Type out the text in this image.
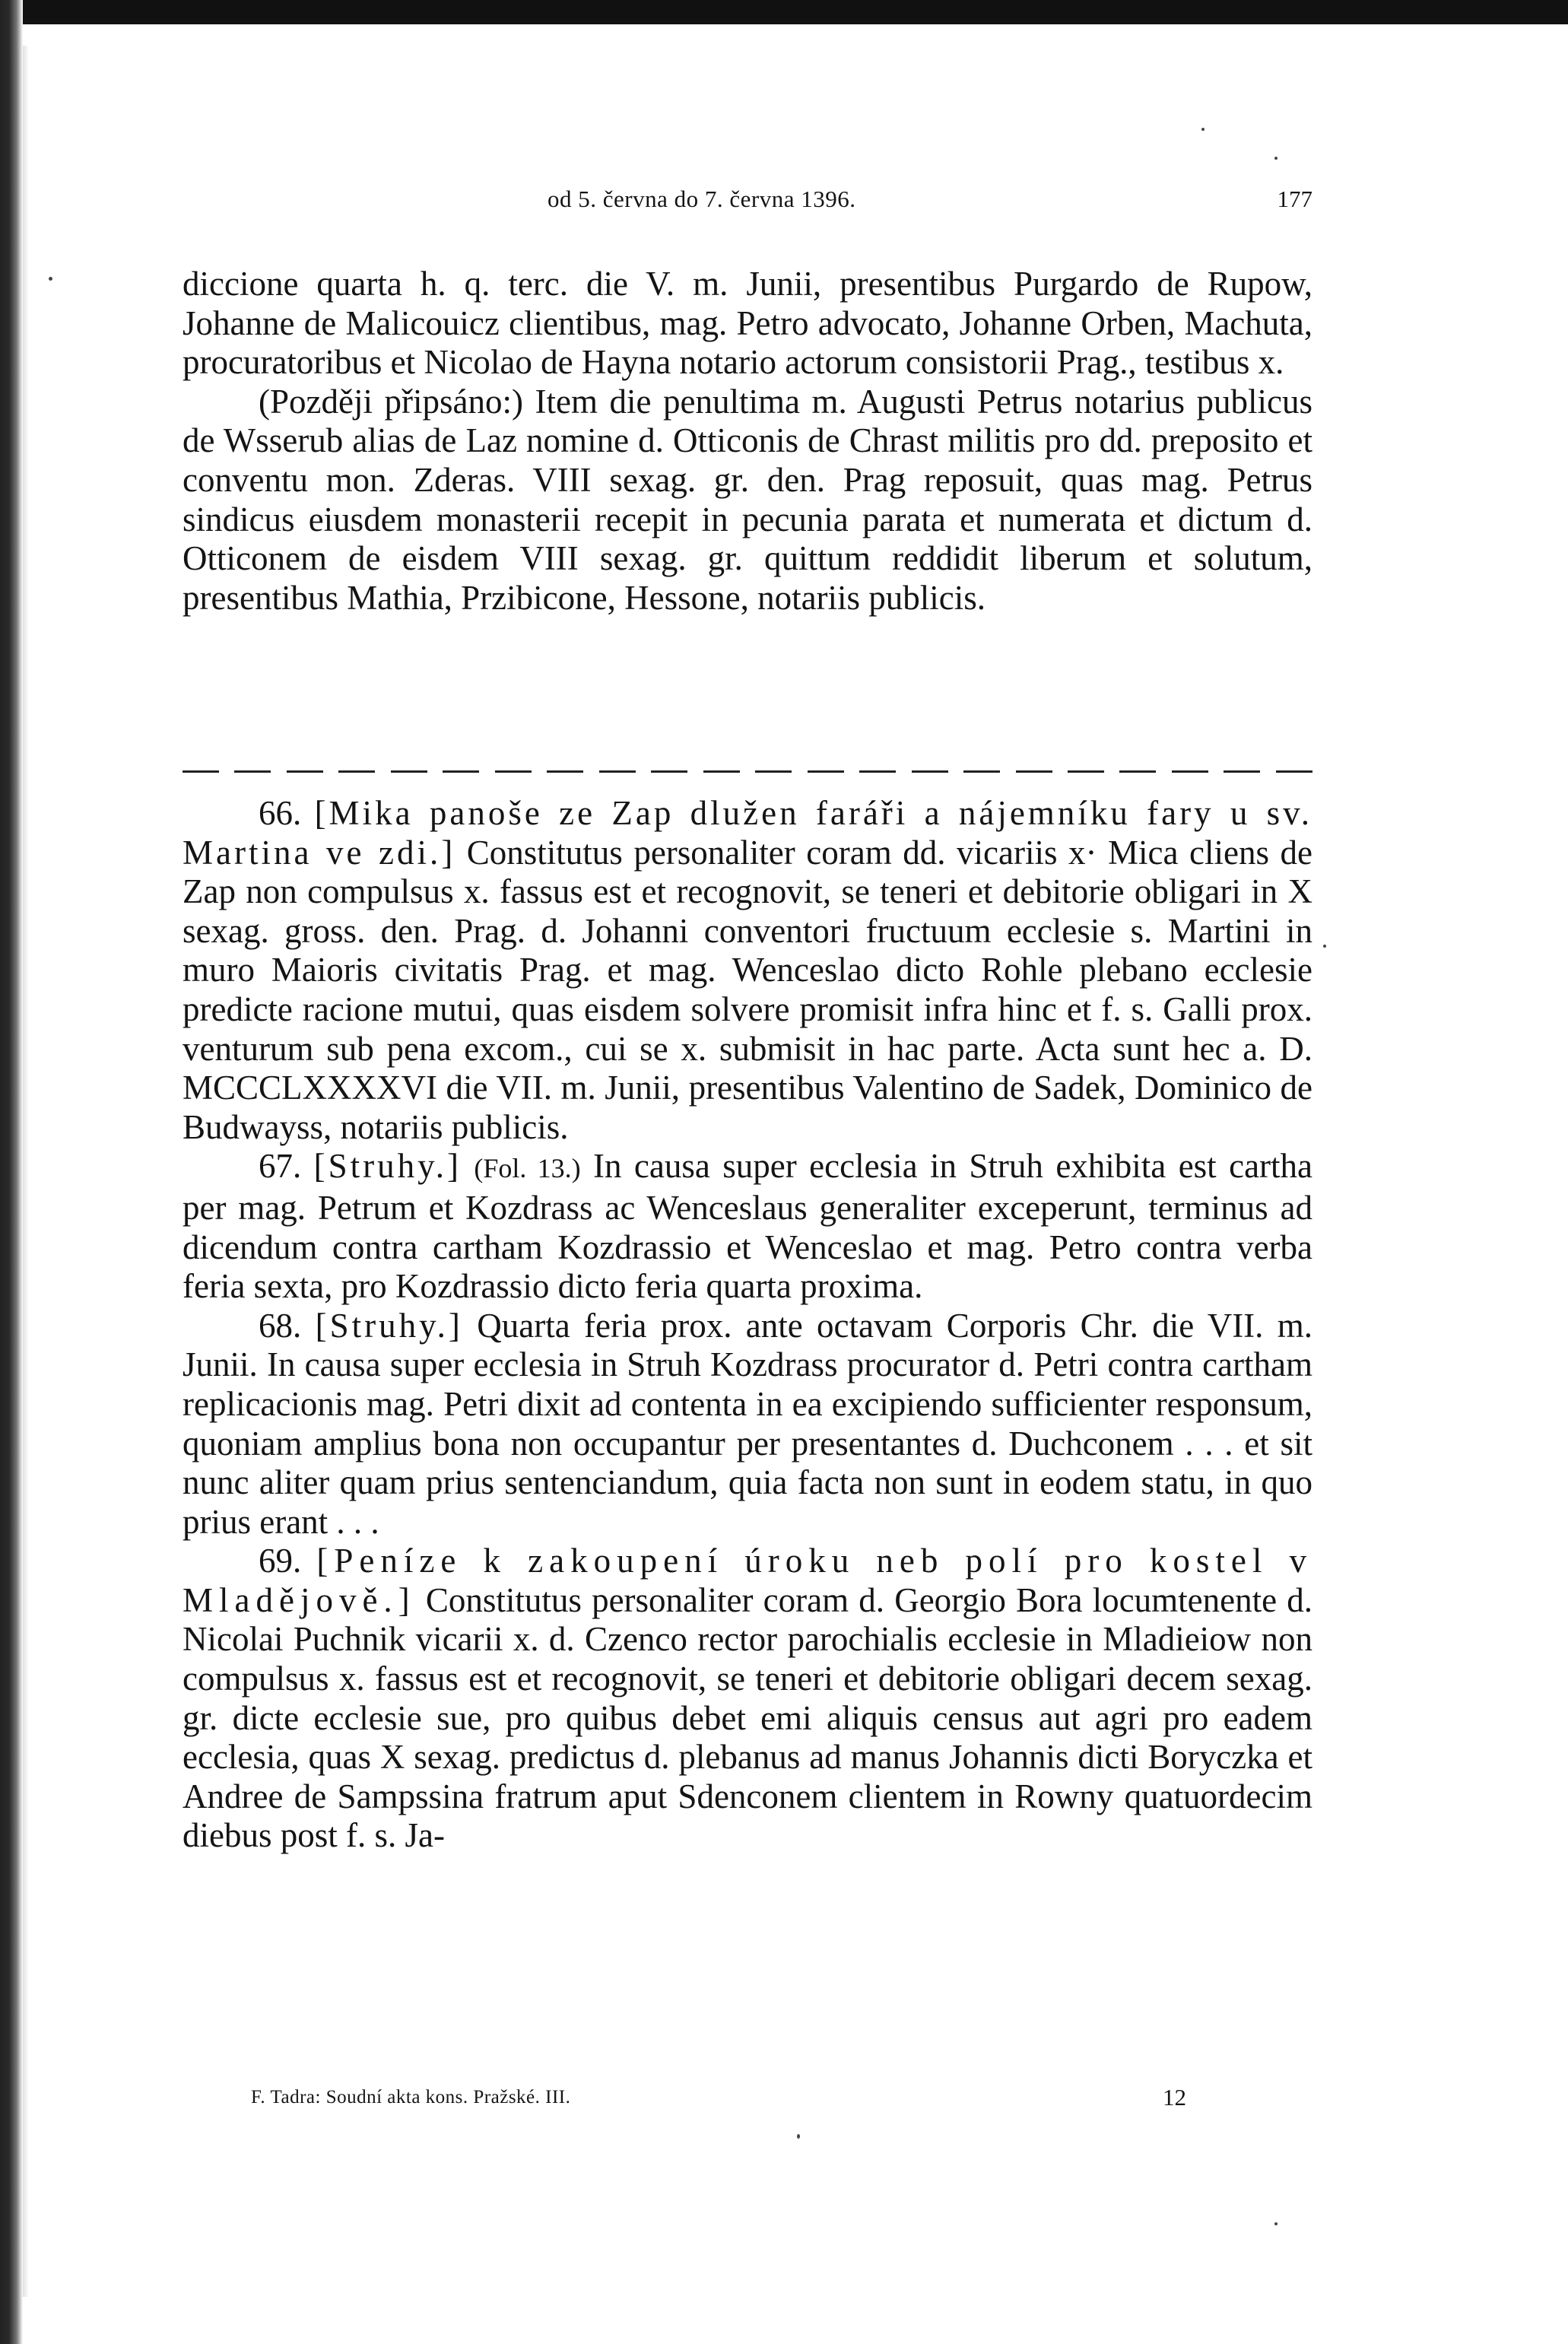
od 5. června do 7. června 1396.	177

diccione quarta h. q. terc. die V. m. Junii, presentibus Purgardo de Rupow, Johanne de Malicouicz clientibus, mag. Petro advocato, Johanne Orben, Machuta, procuratoribus et Nicolao de Hayna notario actorum consistorii Prag., testibus x.

(Později připsáno:) Item die penultima m. Augusti Petrus notarius publicus de Wsserub alias de Laz nomine d. Otticonis de Chrast militis pro dd. preposito et conventu mon. Zderas. VIII sexag. gr. den. Prag reposuit, quas mag. Petrus sindicus eiusdem monasterii recepit in pecunia parata et numerata et dictum d. Otticonem de eisdem VIII sexag. gr. quittum reddidit liberum et solutum, presentibus Mathia, Przibicone, Hessone, notariis publicis.

66. [Mika panoše ze Zap dlužen faráři a nájemníku fary u sv. Martina ve zdi.] Constitutus personaliter coram dd. vicariis x· Mica cliens de Zap non compulsus x. fassus est et recognovit, se teneri et debitorie obligari in X sexag. gross. den. Prag. d. Johanni conventori fructuum ecclesie s. Martini in muro Maioris civitatis Prag. et mag. Wenceslao dicto Rohle plebano ecclesie predicte racione mutui, quas eisdem solvere promisit infra hinc et f. s. Galli prox. venturum sub pena excom., cui se x. submisit in hac parte. Acta sunt hec a. D. MCCCLXXXXVI die VII. m. Junii, presentibus Valentino de Sadek, Dominico de Budwayss, notariis publicis.

67. [Struhy.] (Fol. 13.) In causa super ecclesia in Struh exhibita est cartha per mag. Petrum et Kozdrass ac Wenceslaus generaliter exceperunt, terminus ad dicendum contra cartham Kozdrassio et Wenceslao et mag. Petro contra verba feria sexta, pro Kozdrassio dicto feria quarta proxima.

68. [Struhy.] Quarta feria prox. ante octavam Corporis Chr. die VII. m. Junii. In causa super ecclesia in Struh Kozdrass procurator d. Petri contra cartham replicacionis mag. Petri dixit ad contenta in ea excipiendo sufficienter responsum, quoniam amplius bona non occupantur per presentantes d. Duchconem . . . et sit nunc aliter quam prius sentenciandum, quia facta non sunt in eodem statu, in quo prius erant . . .

69. [Peníze k zakoupení úroku neb polí pro kostel v Mladějově.] Constitutus personaliter coram d. Georgio Bora locumtenente d. Nicolai Puchnik vicarii x. d. Czenco rector parochialis ecclesie in Mladieiow non compulsus x. fassus est et recognovit, se teneri et debitorie obligari decem sexag. gr. dicte ecclesie sue, pro quibus debet emi aliquis census aut agri pro eadem ecclesia, quas X sexag. predictus d. plebanus ad manus Johannis dicti Boryczka et Andree de Sampssina fratrum aput Sdenconem clientem in Rowny quatuordecim diebus post f. s. Ja-

F. Tadra: Soudní akta kons. Pražské. III.	12
